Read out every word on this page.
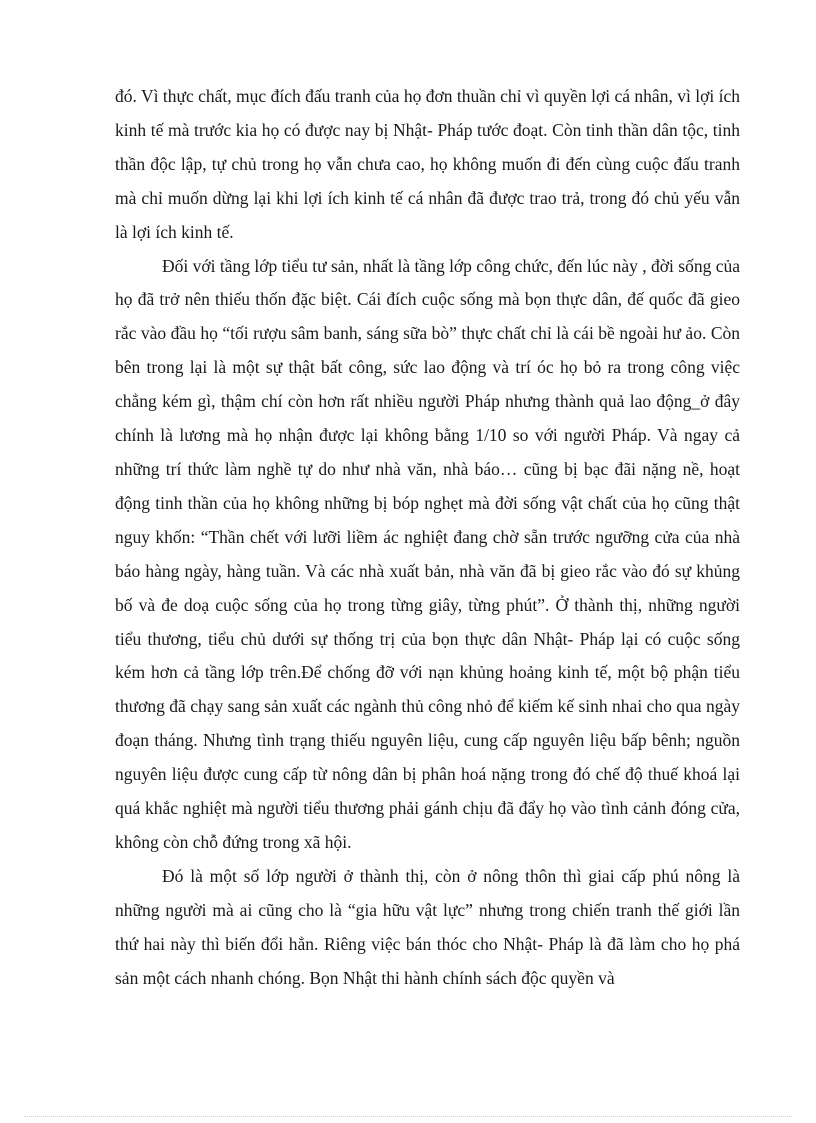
đó. Vì thực chất, mục đích đấu tranh của họ đơn thuần chỉ vì quyền lợi cá nhân, vì lợi ích kinh tế mà trước kia họ có được nay bị Nhật- Pháp tước đoạt. Còn tinh thần dân tộc, tinh thần độc lập, tự chủ trong họ vẫn chưa cao, họ không muốn đi đến cùng cuộc đấu tranh mà chỉ muốn dừng lại khi lợi ích kinh tế cá nhân đã được trao trả, trong đó chủ yếu vẫn là lợi ích kinh tế.

Đối với tầng lớp tiểu tư sản, nhất là tầng lớp công chức, đến lúc này , đời sống của họ đã trở nên thiếu thốn đặc biệt. Cái đích cuộc sống mà bọn thực dân, đế quốc đã gieo rắc vào đầu họ “tối rượu sâm banh, sáng sữa bò” thực chất chỉ là cái bề ngoài hư ảo. Còn bên trong lại là một sự thật bất công, sức lao động và trí óc họ bỏ ra trong công việc chẳng kém gì, thậm chí còn hơn rất nhiều người Pháp nhưng thành quả lao động_ở đây chính là lương mà họ nhận được lại không bằng 1/10 so với người Pháp. Và ngay cả những trí thức làm nghề tự do như nhà văn, nhà báo… cũng bị bạc đãi nặng nề, hoạt động tinh thần của họ không những bị bóp nghẹt mà đời sống vật chất của họ cũng thật nguy khốn: “Thần chết với lưỡi liềm ác nghiệt đang chờ sẵn trước ngưỡng cửa của nhà báo hàng ngày, hàng tuần. Và các nhà xuất bản, nhà văn đã bị gieo rắc vào đó sự khủng bố và đe doạ cuộc sống của họ trong từng giây, từng phút”. Ở thành thị, những người tiểu thương, tiểu chủ dưới sự thống trị của bọn thực dân Nhật- Pháp lại có cuộc sống kém hơn cả tầng lớp trên.Để chống đỡ với nạn khủng hoảng kinh tế, một bộ phận tiểu thương đã chạy sang sản xuất các ngành thủ công nhỏ để kiếm kế sinh nhai cho qua ngày đoạn tháng. Nhưng tình trạng thiếu nguyên liệu, cung cấp nguyên liệu bấp bênh; nguồn nguyên liệu được cung cấp từ nông dân bị phân hoá nặng trong đó chế độ thuế khoá lại quá khắc nghiệt mà người tiểu thương phải gánh chịu đã đẩy họ vào tình cảnh đóng cửa, không còn chỗ đứng trong xã hội.

Đó là một số lớp người ở thành thị, còn ở nông thôn thì giai cấp phú nông là những người mà ai cũng cho là “gia hữu vật lực” nhưng trong chiến tranh thế giới lần thứ hai này thì biến đổi hẳn. Riêng việc bán thóc cho Nhật- Pháp là đã làm cho họ phá sản một cách nhanh chóng. Bọn Nhật thi hành chính sách độc quyền và
